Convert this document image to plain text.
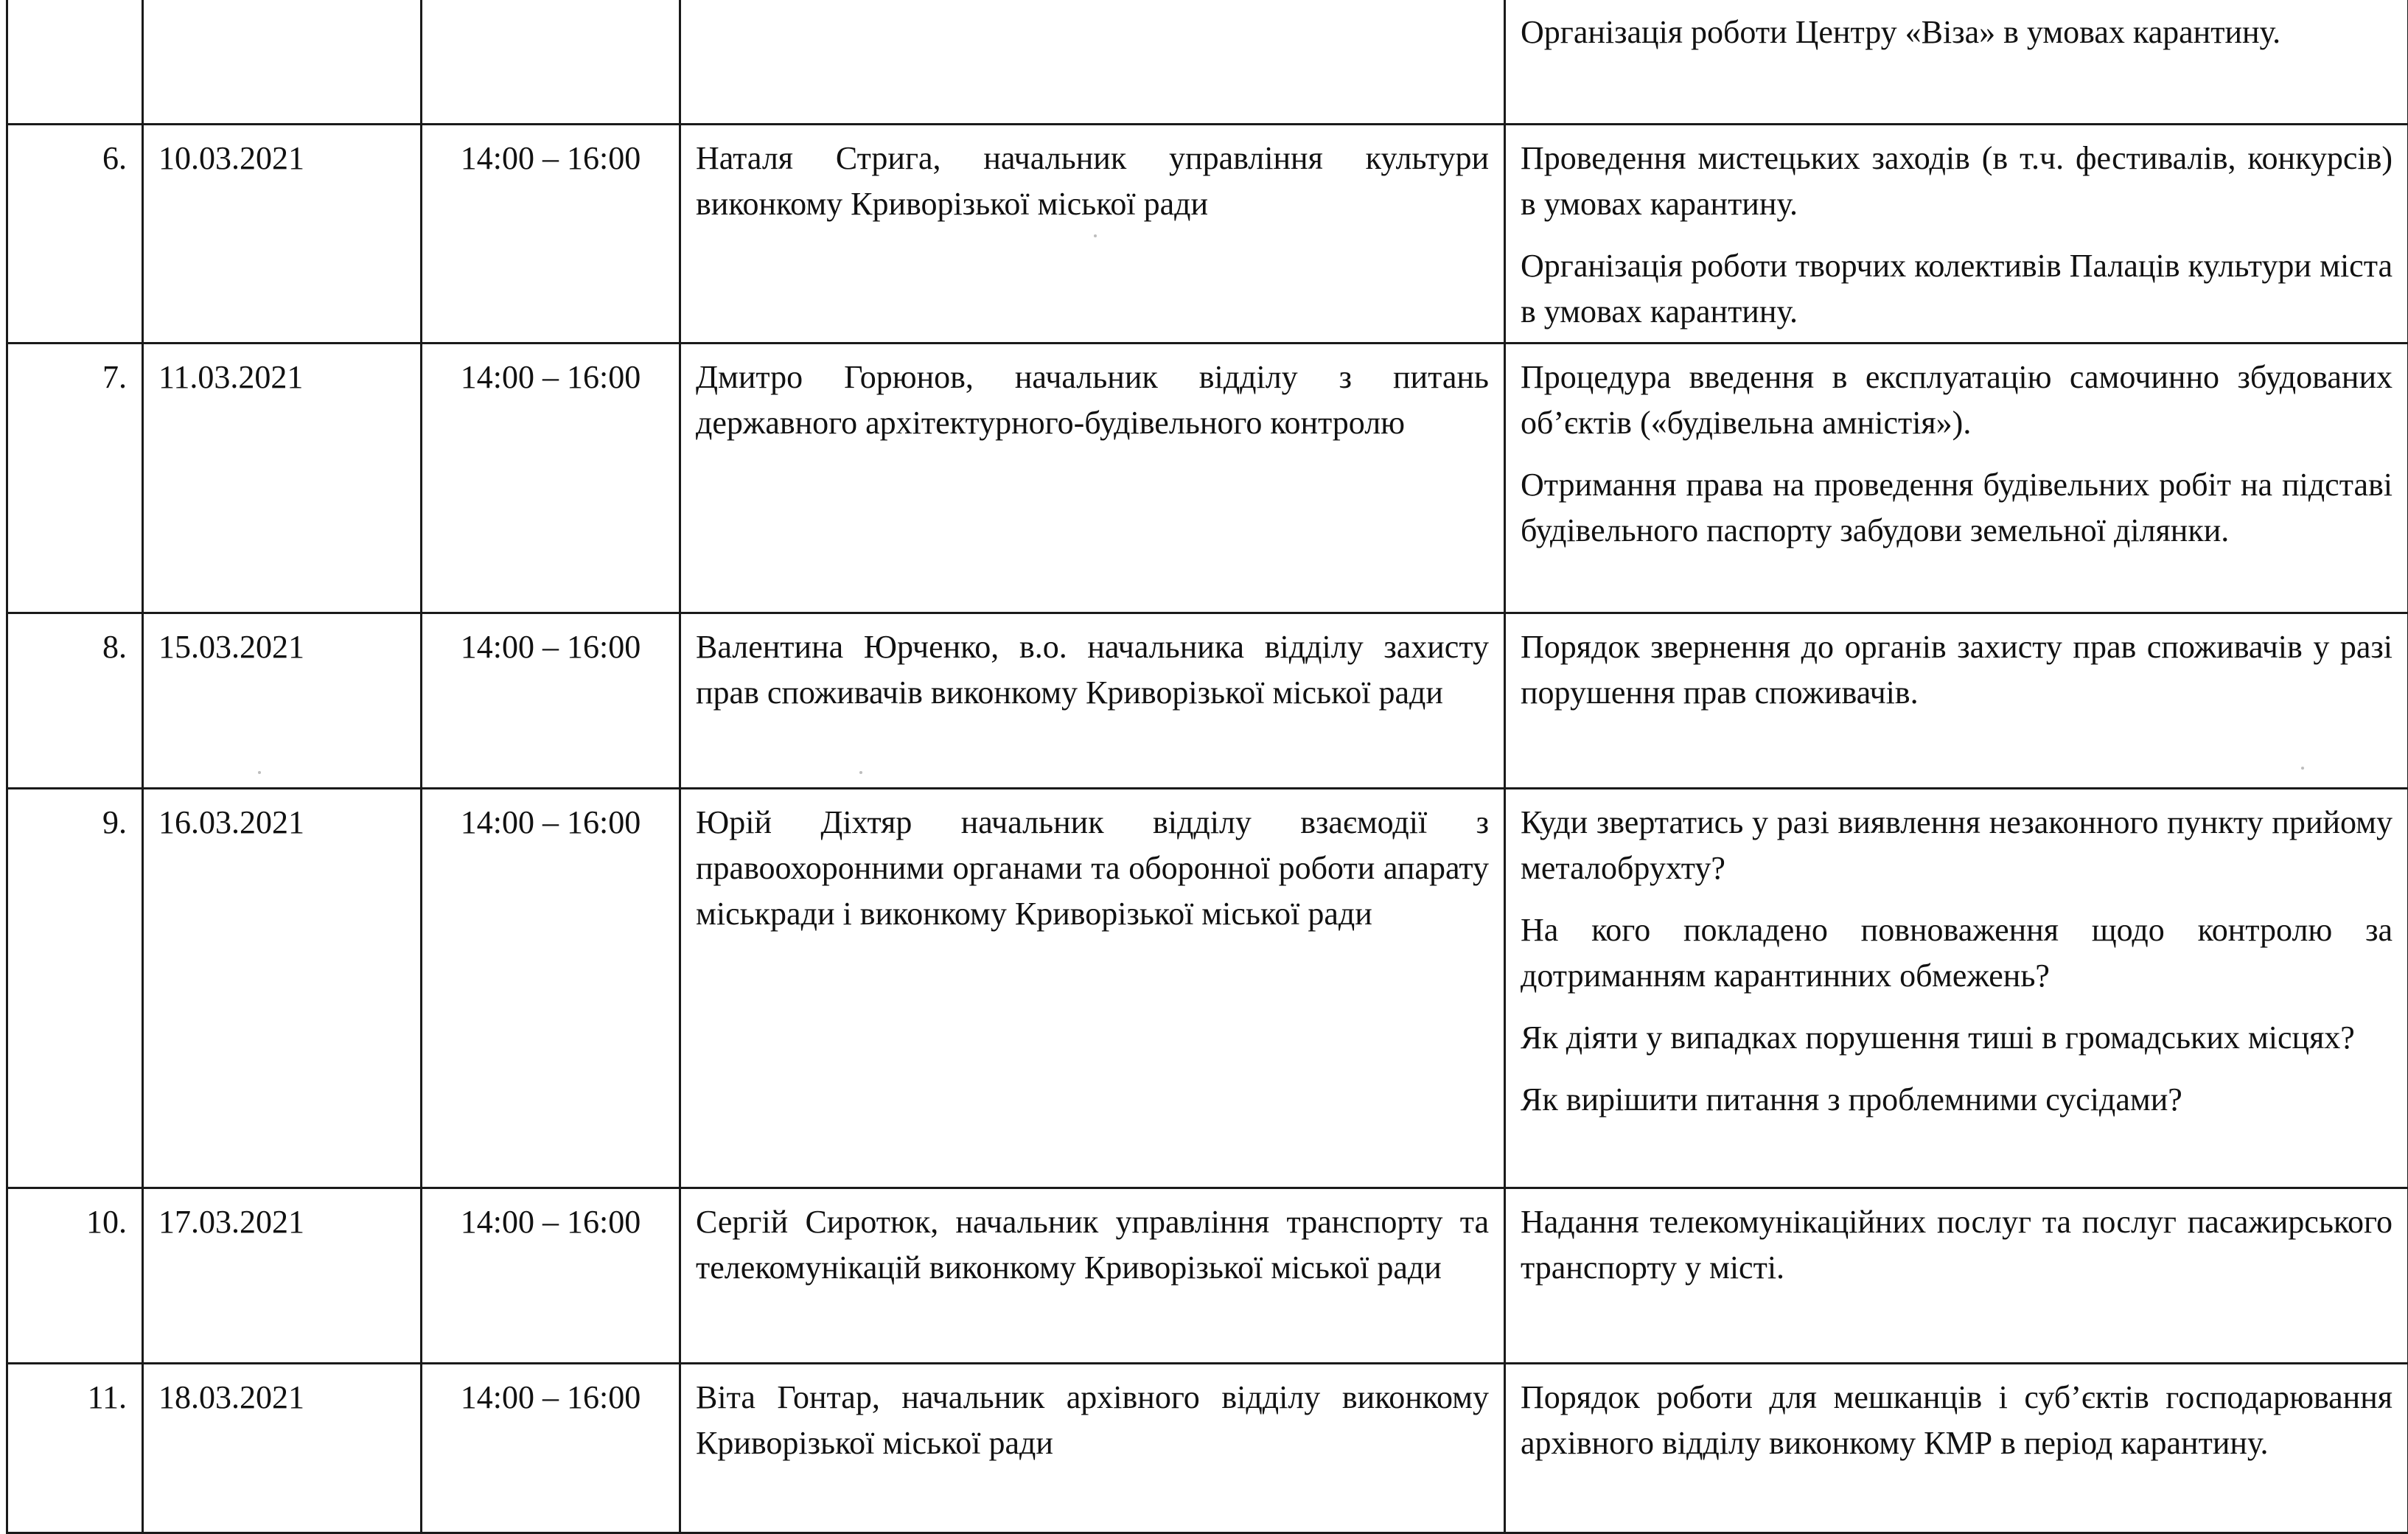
				Організація роботи Центру «Віза» в умовах карантину.

6.	10.03.2021	14:00 – 16:00	Наталя Стрига, начальник управління культури виконкому Криворізької міської ради	Проведення мистецьких заходів (в т.ч. фестивалів, конкурсів) в умовах карантину.
Організація роботи творчих колективів Палаців культури міста в умовах карантину.

7.	11.03.2021	14:00 – 16:00	Дмитро Горюнов, начальник відділу з питань державного архітектурного-будівельного контролю	Процедура введення в експлуатацію самочинно збудованих об’єктів («будівельна амністія»).
Отримання права на проведення будівельних робіт на підставі будівельного паспорту забудови земельної ділянки.

8.	15.03.2021	14:00 – 16:00	Валентина Юрченко, в.о. начальника відділу захисту прав споживачів виконкому Криворізької міської ради	Порядок звернення до органів захисту прав споживачів у разі порушення прав споживачів.

9.	16.03.2021	14:00 – 16:00	Юрій Діхтяр начальник відділу взаємодії з правоохоронними органами та оборонної роботи апарату міськради і виконкому Криворізької міської ради	Куди звертатись у разі виявлення незаконного пункту прийому металобрухту?
На кого покладено повноваження щодо контролю за дотриманням карантинних обмежень?
Як діяти у випадках порушення тиші в громадських місцях?
Як вирішити питання з проблемними сусідами?

10.	17.03.2021	14:00 – 16:00	Сергій Сиротюк, начальник управління транспорту та телекомунікацій виконкому Криворізької міської ради	Надання телекомунікаційних послуг та послуг пасажирського транспорту у місті.

11.	18.03.2021	14:00 – 16:00	Віта Гонтар, начальник архівного відділу виконкому Криворізької міської ради	Порядок роботи для мешканців і суб’єктів господарювання архівного відділу виконкому КМР в період карантину.
